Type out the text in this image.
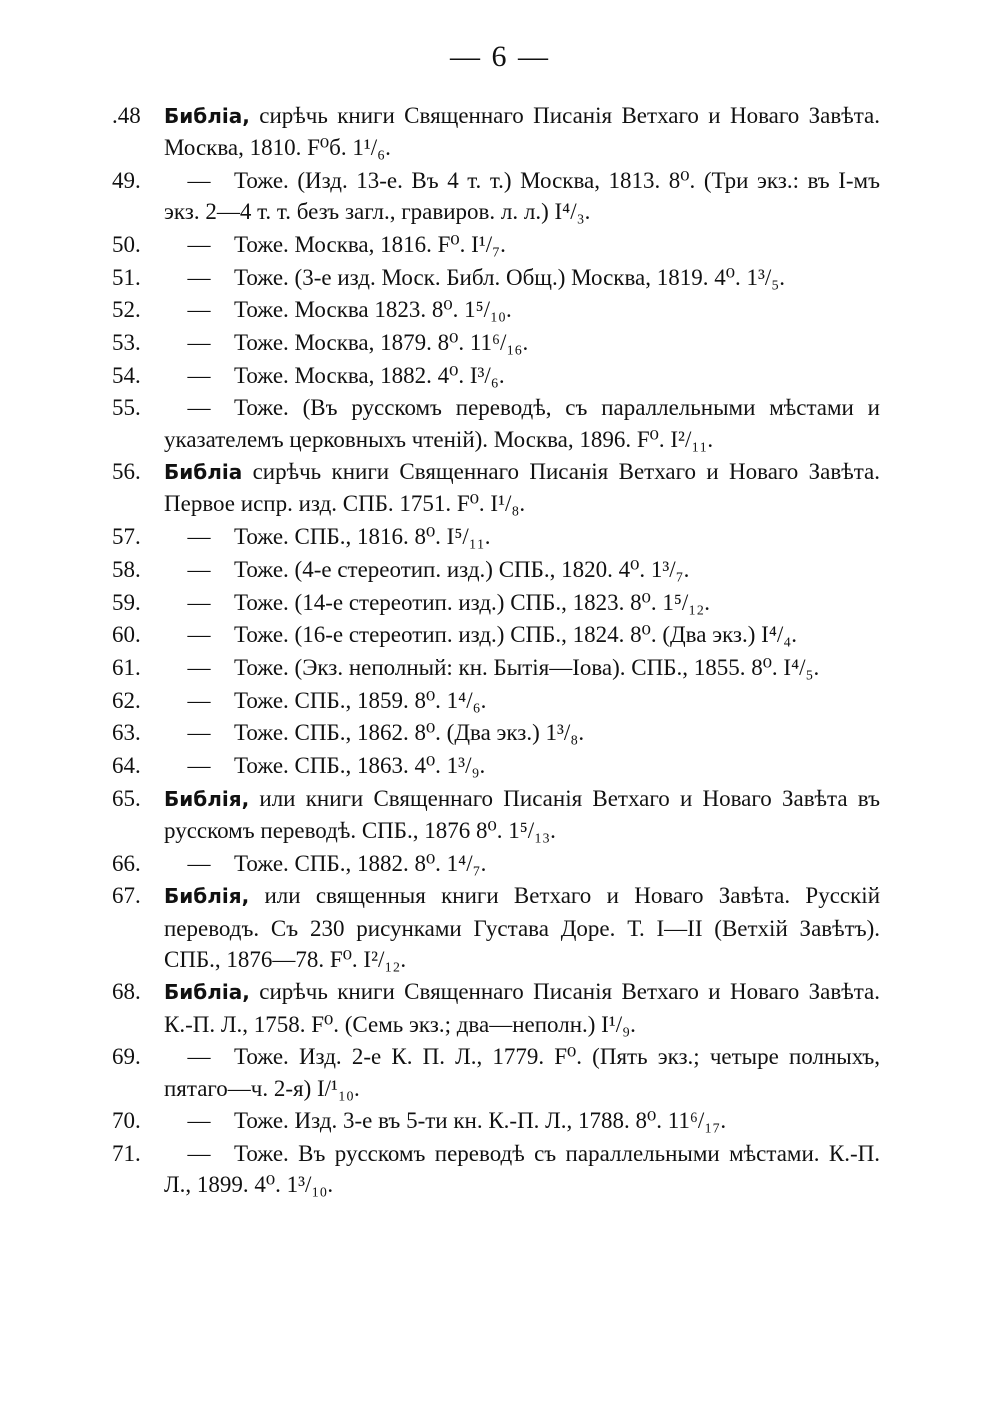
— 6 —
.48	Библіа, сирѣчь книги Священнаго Писанія Ветхаго и Новаго Завѣта. Москва, 1810. F⁰б. 1¹/₆.
49.	— Тоже. (Изд. 13-е. Въ 4 т. т.) Москва, 1813. 8⁰. (Три экз.: въ I-мъ экз. 2—4 т. т. безъ загл., гравиров. л. л.) I⁴/₃.
50.	— Тоже. Москва, 1816. F⁰. I¹/₇.
51.	— Тоже. (3-е изд. Моск. Библ. Общ.) Москва, 1819. 4⁰. 1³/₅.
52.	— Тоже. Москва 1823. 8⁰. 1⁵/₁₀.
53.	— Тоже. Москва, 1879. 8⁰. 11⁶/₁₆.
54.	— Тоже. Москва, 1882. 4⁰. I³/₆.
55.	— Тоже. (Въ русскомъ переводѣ, съ параллельными мѣстами и указателемъ церковныхъ чтеній). Москва, 1896. F⁰. I²/₁₁.
56.	Библіа сирѣчь книги Священнаго Писанія Ветхаго и Новаго Завѣта. Первое испр. изд. СПБ. 1751. F⁰. I¹/₈.
57.	— Тоже. СПБ., 1816. 8⁰. I⁵/₁₁.
58.	— Тоже. (4-е стереотип. изд.) СПБ., 1820. 4⁰. 1³/₇.
59.	— Тоже. (14-е стереотип. изд.) СПБ., 1823. 8⁰. 1⁵/₁₂.
60.	— Тоже. (16-е стереотип. изд.) СПБ., 1824. 8⁰. (Два экз.) I⁴/₄.
61.	— Тоже. (Экз. неполный: кн. Бытія—Іова). СПБ., 1855. 8⁰. I⁴/₅.
62.	— Тоже. СПБ., 1859. 8⁰. 1⁴/₆.
63.	— Тоже. СПБ., 1862. 8⁰. (Два экз.) 1³/₈.
64.	— Тоже. СПБ., 1863. 4⁰. 1³/₉.
65.	Библія, или книги Священнаго Писанія Ветхаго и Новаго Завѣта въ русскомъ переводѣ. СПБ., 1876 8⁰. 1⁵/₁₃.
66.	— Тоже. СПБ., 1882. 8⁰. 1⁴/₇.
67.	Библія, или священныя книги Ветхаго и Новаго Завѣта. Русскій переводъ. Съ 230 рисунками Густава Доре. Т. I—II (Ветхій Завѣтъ). СПБ., 1876—78. F⁰. I²/₁₂.
68.	Библіа, сирѣчь книги Священнаго Писанія Ветхаго и Новаго Завѣта. К.-П. Л., 1758. F⁰. (Семь экз.; два—неполн.) I¹/₉.
69.	— Тоже. Изд. 2-е К. П. Л., 1779. F⁰. (Пять экз.; четыре полныхъ, пятаго—ч. 2-я) I/¹₁₀.
70.	— Тоже. Изд. 3-е въ 5-ти кн. К.-П. Л., 1788. 8⁰. 11⁶/₁₇.
71.	— Тоже. Въ русскомъ переводѣ съ параллельными мѣстами. К.-П. Л., 1899. 4⁰. 1³/₁₀.
